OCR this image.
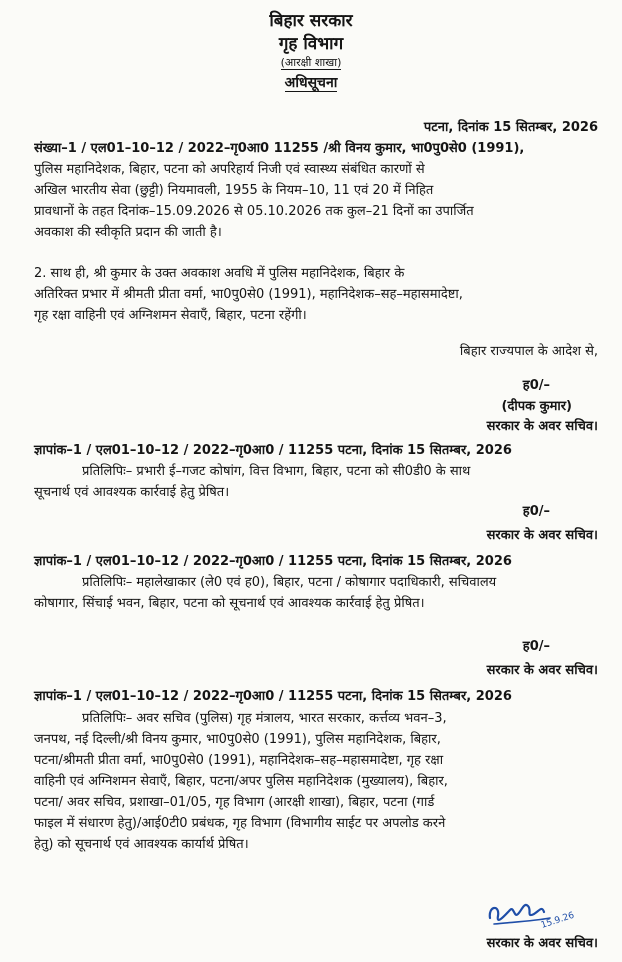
बिहार सरकार
गृह विभाग
(आरक्षी शाखा)
अधिसूचना
पटना, दिनांक 15 सितम्बर, 2026
संख्या–1 / एल01–10–12 / 2022–गृ0आ0 11255 /श्री विनय कुमार, भा0पु0से0 (1991),
पुलिस महानिदेशक, बिहार, पटना को अपरिहार्य निजी एवं स्वास्थ्य संबंधित कारणों से
अखिल भारतीय सेवा (छुट्टी) नियमावली, 1955 के नियम–10, 11 एवं 20 में निहित
प्रावधानों के तहत दिनांक–15.09.2026 से 05.10.2026 तक कुल–21 दिनों का उपार्जित
अवकाश की स्वीकृति प्रदान की जाती है।
2. साथ ही, श्री कुमार के उक्त अवकाश अवधि में पुलिस महानिदेशक, बिहार के
अतिरिक्त प्रभार में श्रीमती प्रीता वर्मा, भा0पु0से0 (1991), महानिदेशक–सह–महासमादेष्टा,
गृह रक्षा वाहिनी एवं अग्निशमन सेवाएँ, बिहार, पटना रहेंगी।
बिहार राज्यपाल के आदेश से,
ह0/–
(दीपक कुमार)
सरकार के अवर सचिव।
ज्ञापांक–1 / एल01–10–12 / 2022–गृ0आ0 / 11255 पटना, दिनांक 15 सितम्बर, 2026
प्रतिलिपिः– प्रभारी ई–गजट कोषांग, वित्त विभाग, बिहार, पटना को सी0डी0 के साथ
सूचनार्थ एवं आवश्यक कार्रवाई हेतु प्रेषित।
ह0/–
सरकार के अवर सचिव।
ज्ञापांक–1 / एल01–10–12 / 2022–गृ0आ0 / 11255 पटना, दिनांक 15 सितम्बर, 2026
प्रतिलिपिः– महालेखाकार (ले0 एवं ह0), बिहार, पटना / कोषागार पदाधिकारी, सचिवालय
कोषागार, सिंचाई भवन, बिहार, पटना को सूचनार्थ एवं आवश्यक कार्रवाई हेतु प्रेषित।
ह0/–
सरकार के अवर सचिव।
ज्ञापांक–1 / एल01–10–12 / 2022–गृ0आ0 / 11255 पटना, दिनांक 15 सितम्बर, 2026
प्रतिलिपिः– अवर सचिव (पुलिस) गृह मंत्रालय, भारत सरकार, कर्त्तव्य भवन–3,
जनपथ, नई दिल्ली/श्री विनय कुमार, भा0पु0से0 (1991), पुलिस महानिदेशक, बिहार,
पटना/श्रीमती प्रीता वर्मा, भा0पु0से0 (1991), महानिदेशक–सह–महासमादेष्टा, गृह रक्षा
वाहिनी एवं अग्निशमन सेवाएँ, बिहार, पटना/अपर पुलिस महानिदेशक (मुख्यालय), बिहार,
पटना/ अवर सचिव, प्रशाखा–01/05, गृह विभाग (आरक्षी शाखा), बिहार, पटना (गार्ड
फाइल में संधारण हेतु)/आई0टी0 प्रबंधक, गृह विभाग (विभागीय साईट पर अपलोड करने
हेतु) को सूचनार्थ एवं आवश्यक कार्यार्थ प्रेषित।
15.9.26
सरकार के अवर सचिव।
